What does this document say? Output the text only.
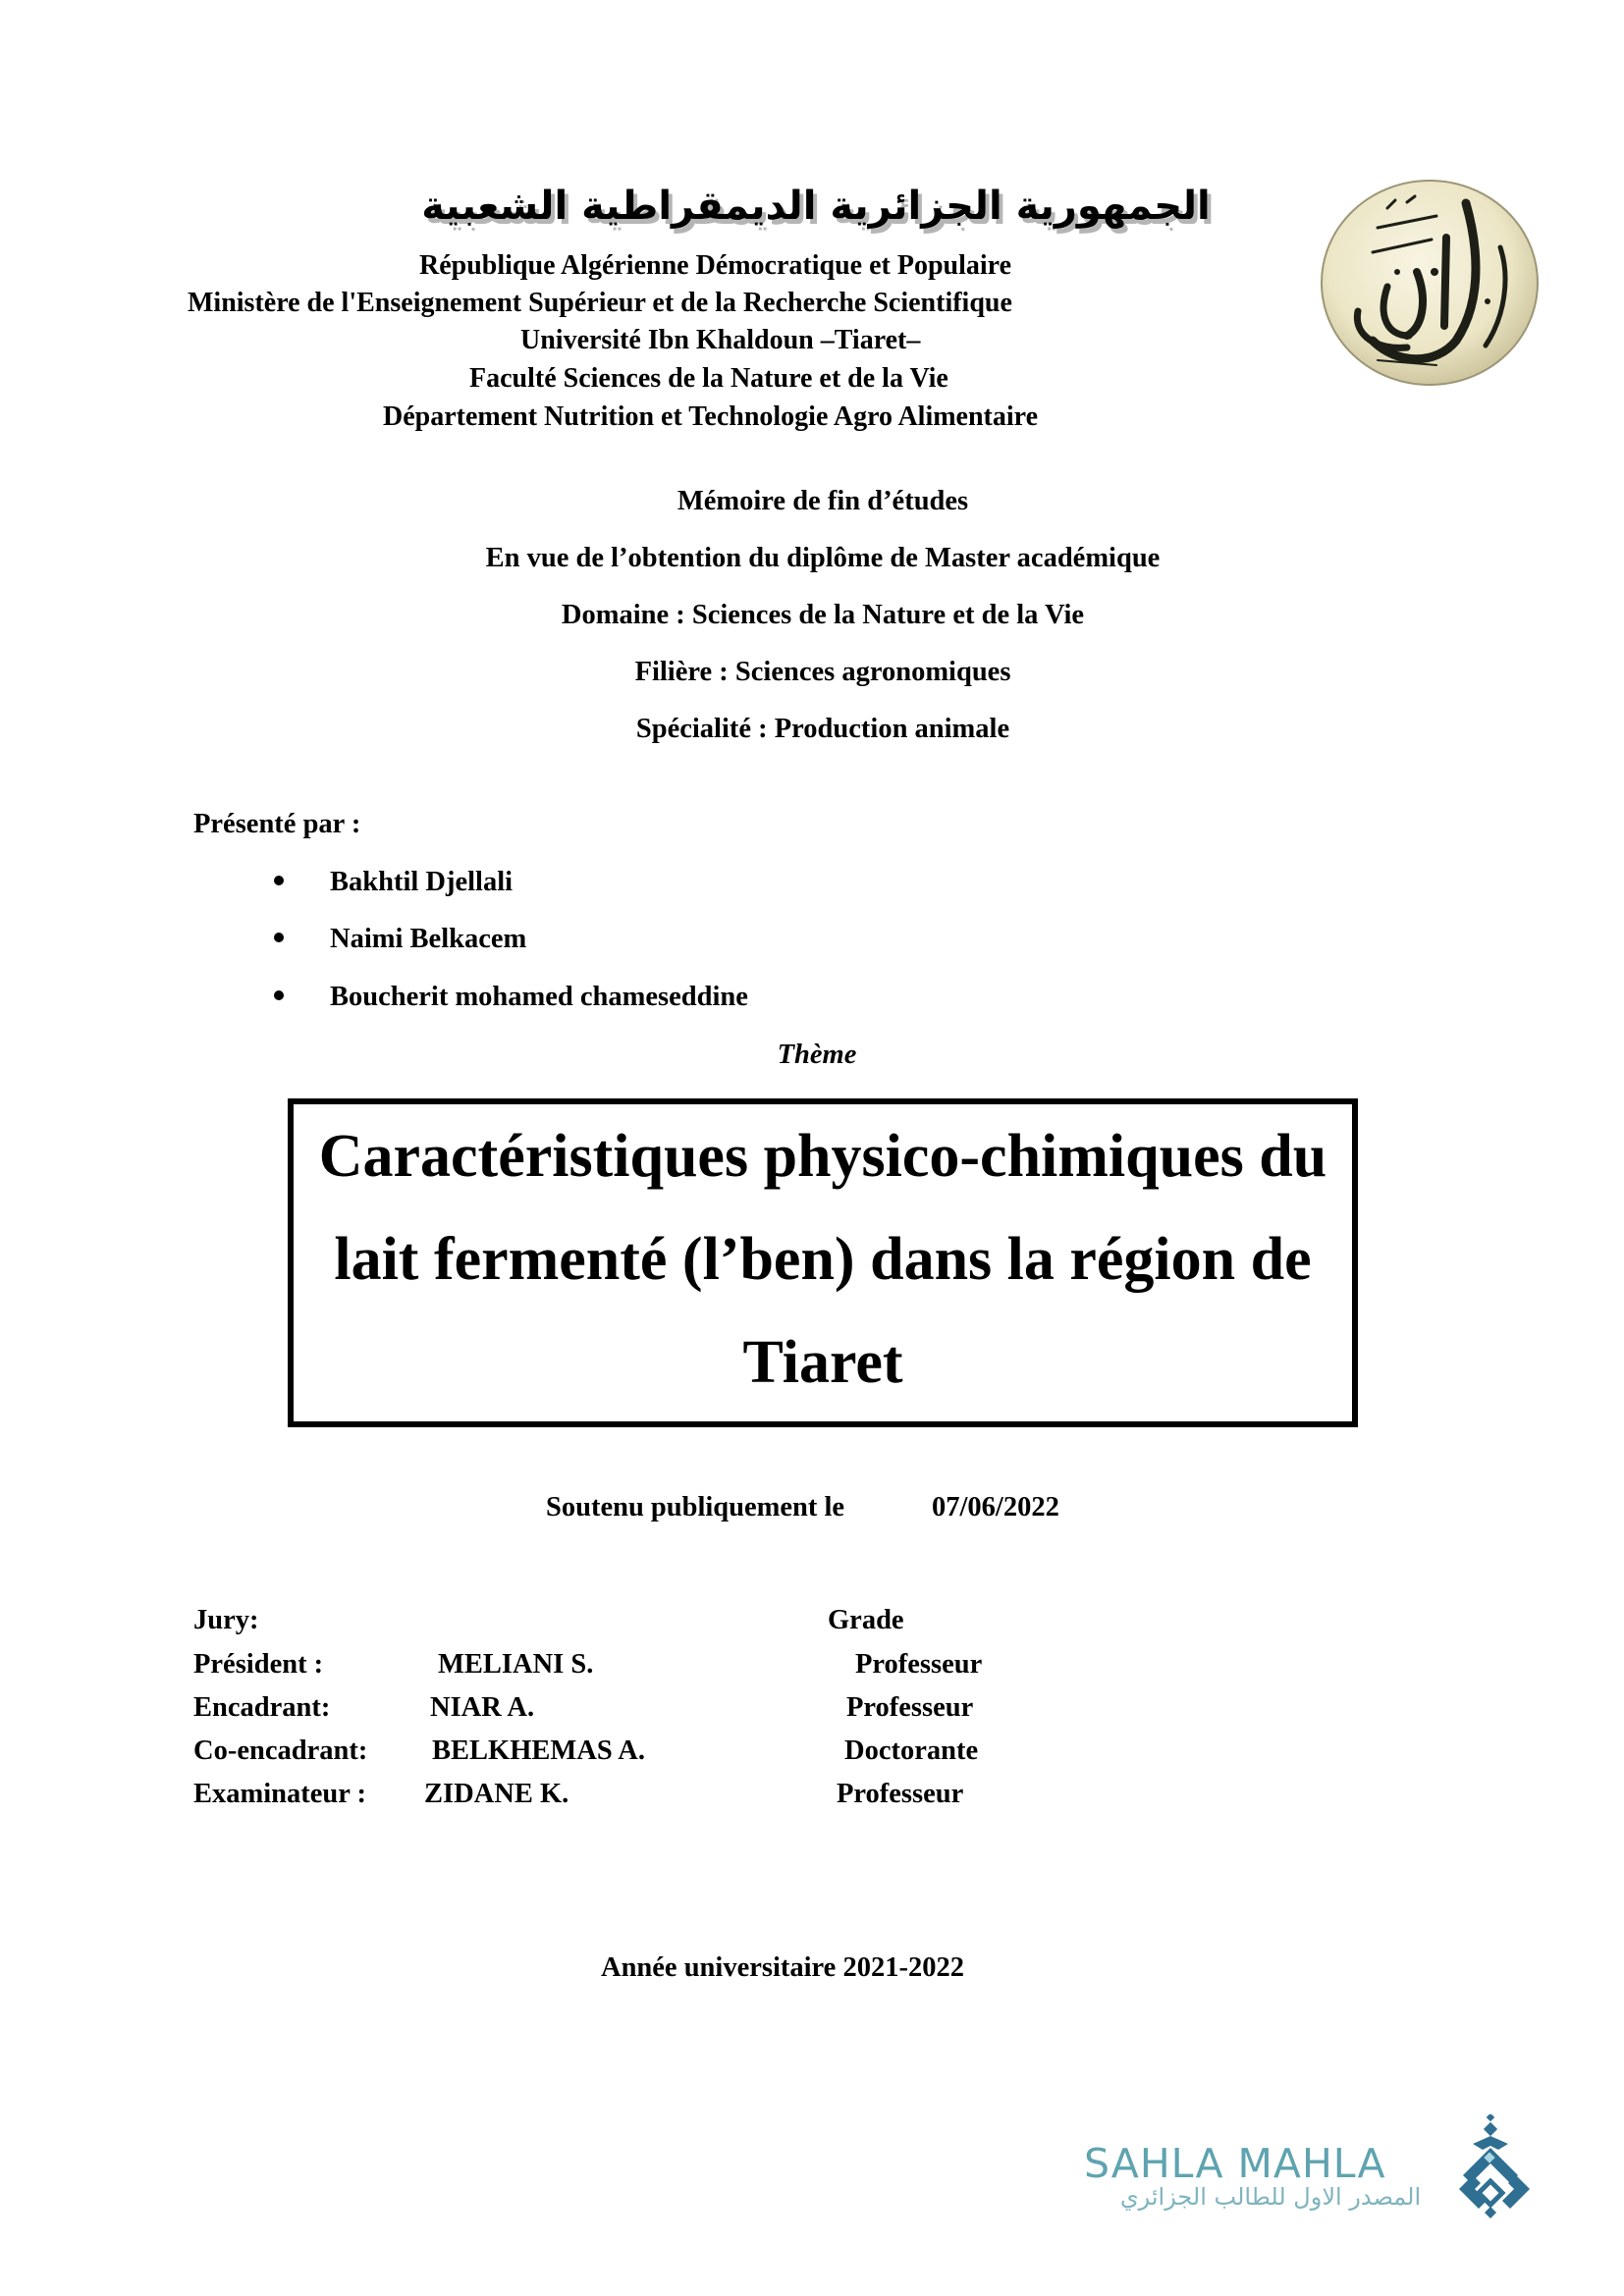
الجمهورية الجزائرية الديمقراطية الشعبية
République Algérienne Démocratique et Populaire
Ministère de l'Enseignement Supérieur et de la Recherche Scientifique
Université Ibn Khaldoun –Tiaret–
Faculté Sciences de la Nature et de la Vie
Département Nutrition et Technologie Agro Alimentaire
Mémoire de fin d’études
En vue de l’obtention du diplôme de Master académique
Domaine : Sciences de la Nature et de la Vie
Filière : Sciences agronomiques
Spécialité : Production animale
Présenté par :
Bakhtil Djellali
Naimi Belkacem
Boucherit mohamed chameseddine
Thème
Caractéristiques physico-chimiques du
lait fermenté (l’ben) dans la région de
Tiaret
Soutenu publiquement le	07/06/2022
Jury:	Grade
Président :	MELIANI S.	Professeur
Encadrant:	NIAR A.	Professeur
Co-encadrant: BELKHEMAS A.	Doctorante
Examinateur : ZIDANE K.	Professeur
Année universitaire 2021-2022
SAHLA MAHLA
المصدر الاول للطالب الجزائري
